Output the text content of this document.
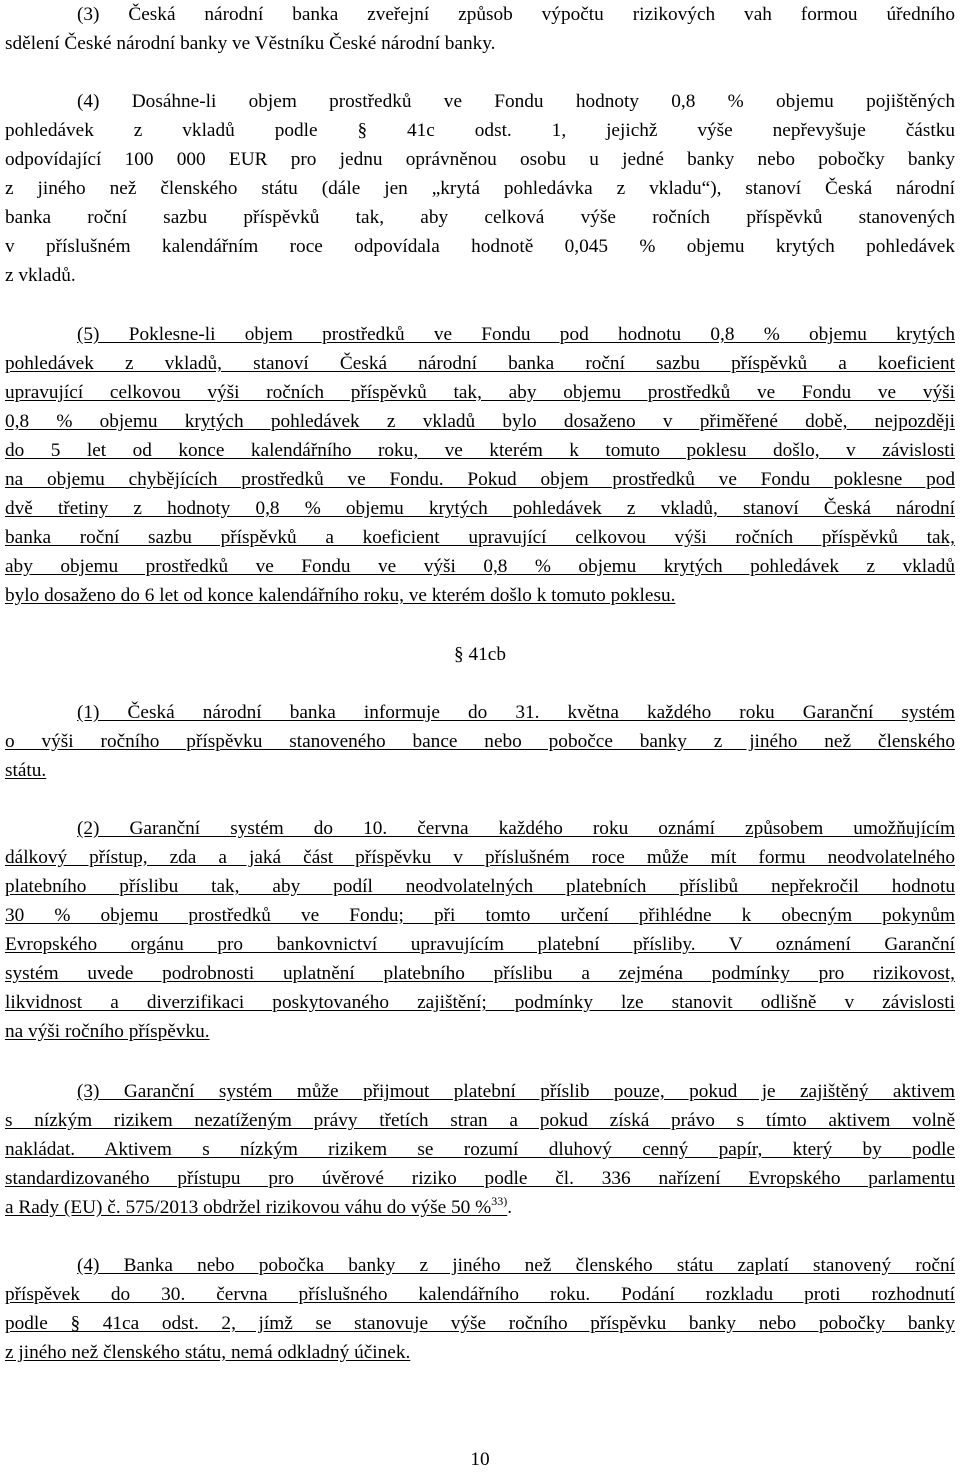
(3) Česká národní banka zveřejní způsob výpočtu rizikových vah formou úředního
sdělení České národní banky ve Věstníku České národní banky.
(4) Dosáhne-li objem prostředků ve Fondu hodnoty 0,8 % objemu pojištěných
pohledávek z vkladů podle § 41c odst. 1, jejichž výše nepřevyšuje částku
odpovídající 100 000 EUR pro jednu oprávněnou osobu u jedné banky nebo pobočky banky
z jiného než členského státu (dále jen „krytá pohledávka z vkladu“), stanoví Česká národní
banka roční sazbu příspěvků tak, aby celková výše ročních příspěvků stanovených
v příslušném kalendářním roce odpovídala hodnotě 0,045 % objemu krytých pohledávek
z vkladů.
(5) Poklesne-li objem prostředků ve Fondu pod hodnotu 0,8 % objemu krytých
pohledávek z vkladů, stanoví Česká národní banka roční sazbu příspěvků a koeficient
upravující celkovou výši ročních příspěvků tak, aby objemu prostředků ve Fondu ve výši
0,8 % objemu krytých pohledávek z vkladů bylo dosaženo v přiměřené době, nejpozději
do 5 let od konce kalendářního roku, ve kterém k tomuto poklesu došlo, v závislosti
na objemu chybějících prostředků ve Fondu. Pokud objem prostředků ve Fondu poklesne pod
dvě třetiny z hodnoty 0,8 % objemu krytých pohledávek z vkladů, stanoví Česká národní
banka roční sazbu příspěvků a koeficient upravující celkovou výši ročních příspěvků tak,
aby objemu prostředků ve Fondu ve výši 0,8 % objemu krytých pohledávek z vkladů
bylo dosaženo do 6 let od konce kalendářního roku, ve kterém došlo k tomuto poklesu.
§ 41cb
(1) Česká národní banka informuje do 31. května každého roku Garanční systém
o výši ročního příspěvku stanoveného bance nebo pobočce banky z jiného než členského
státu.
(2) Garanční systém do 10. června každého roku oznámí způsobem umožňujícím
dálkový přístup, zda a jaká část příspěvku v příslušném roce může mít formu neodvolatelného
platebního příslibu tak, aby podíl neodvolatelných platebních příslibů nepřekročil hodnotu
30 % objemu prostředků ve Fondu; při tomto určení přihlédne k obecným pokynům
Evropského orgánu pro bankovnictví upravujícím platební přísliby. V oznámení Garanční
systém uvede podrobnosti uplatnění platebního příslibu a zejména podmínky pro rizikovost,
likvidnost a diverzifikaci poskytovaného zajištění; podmínky lze stanovit odlišně v závislosti
na výši ročního příspěvku.
(3) Garanční systém může přijmout platební příslib pouze, pokud je zajištěný aktivem
s nízkým rizikem nezatíženým právy třetích stran a pokud získá právo s tímto aktivem volně
nakládat. Aktivem s nízkým rizikem se rozumí dluhový cenný papír, který by podle
standardizovaného přístupu pro úvěrové riziko podle čl. 336 nařízení Evropského parlamentu
a Rady (EU) č. 575/2013 obdržel rizikovou váhu do výše 50 %$^{33)}$.
(4) Banka nebo pobočka banky z jiného než členského státu zaplatí stanovený roční
příspěvek do 30. června příslušného kalendářního roku. Podání rozkladu proti rozhodnutí
podle § 41ca odst. 2, jímž se stanovuje výše ročního příspěvku banky nebo pobočky banky
z jiného než členského státu, nemá odkladný účinek.
10
